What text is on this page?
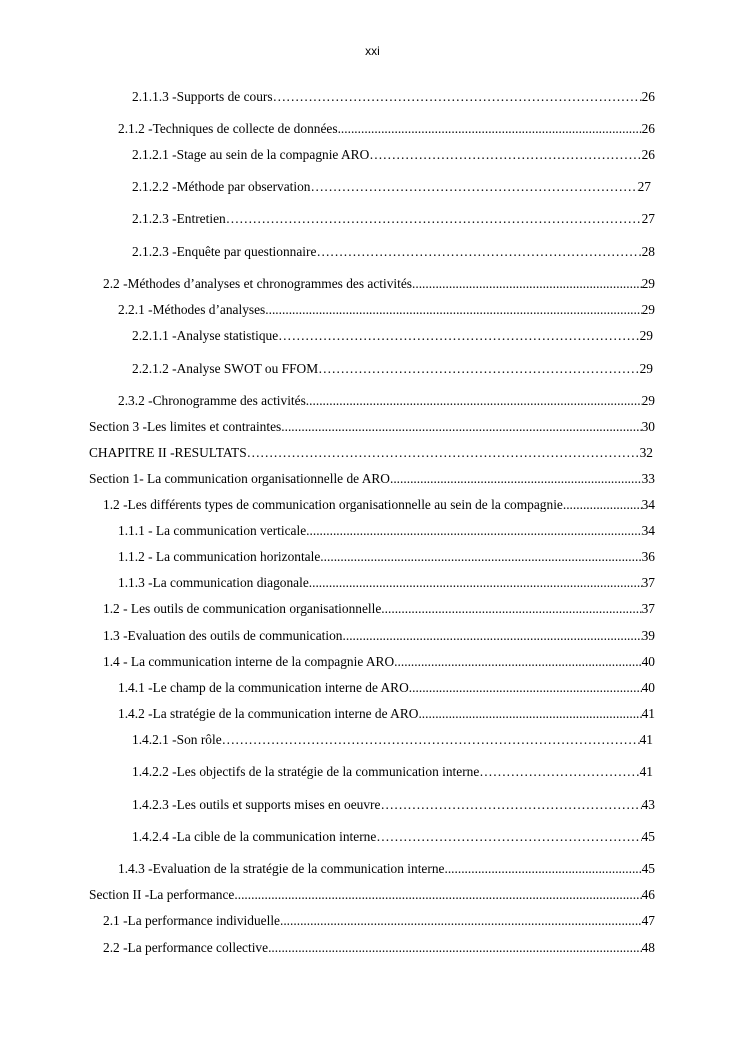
xxi
2.1.1.3 -Supports de cours …………………………………………………………………………………………………………………………………………………………………………………………………………………………………………………………	26
2.1.2 -Techniques de collecte de données .....	26
2.1.2.1 -Stage au sein de la compagnie ARO …………………………………………………………………………………………………………………………………………………………………………………………………………………………………………………………	26
2.1.2.2 -Méthode par observation …………………………………………………………………………………………………………………………………………………………………………………………………………………………………………………………	27
2.1.2.3 -Entretien …………………………………………………………………………………………………………………………………………………………………………………………………………………………………………………………	27
2.1.2.3 -Enquête par questionnaire …………………………………………………………………………………………………………………………………………………………………………………………………………………………………………………………	28
2.2 -Méthodes d’analyses et chronogrammes des activités .....	29
2.2.1 -Méthodes d’analyses .....	29
2.2.1.1 -Analyse statistique …………………………………………………………………………………………………………………………………………………………………………………………………………………………………………………………	29
2.2.1.2 -Analyse SWOT ou FFOM …………………………………………………………………………………………………………………………………………………………………………………………………………………………………………………………	29
2.3.2 -Chronogramme des activités .....	29
Section 3 -Les limites et contraintes .....	30
CHAPITRE II -RESULTATS …………………………………………………………………………………………………………………………………………………………………………………………………………………………………………………………	32
Section 1- La communication organisationnelle de ARO .....	33
1.2 -Les différents types de communication organisationnelle au sein de la compagnie .....	34
1.1.1 - La communication verticale .....	34
1.1.2 - La communication horizontale .....	36
1.1.3 -La communication diagonale .....	37
1.2 - Les outils de communication organisationnelle .....	37
1.3 -Evaluation des outils de communication .....	39
1.4 - La communication interne de la compagnie ARO .....	40
1.4.1 -Le champ de la communication interne de ARO .....	40
1.4.2 -La stratégie de la communication interne de ARO .....	41
1.4.2.1 -Son rôle …………………………………………………………………………………………………………………………………………………………………………………………………………………………………………………………	41
1.4.2.2 -Les objectifs de la stratégie de la communication interne …………………………………………………………………………………………………………………………………………………………………………………………………………………………………………………………	41
1.4.2.3 -Les outils et supports mises en oeuvre …………………………………………………………………………………………………………………………………………………………………………………………………………………………………………………………	43
1.4.2.4 -La cible de la communication interne …………………………………………………………………………………………………………………………………………………………………………………………………………………………………………………………	45
1.4.3 -Evaluation de la stratégie de la communication interne .....	45
Section II -La performance .....	46
2.1 -La performance individuelle .....	47
2.2 -La performance collective .....	48
